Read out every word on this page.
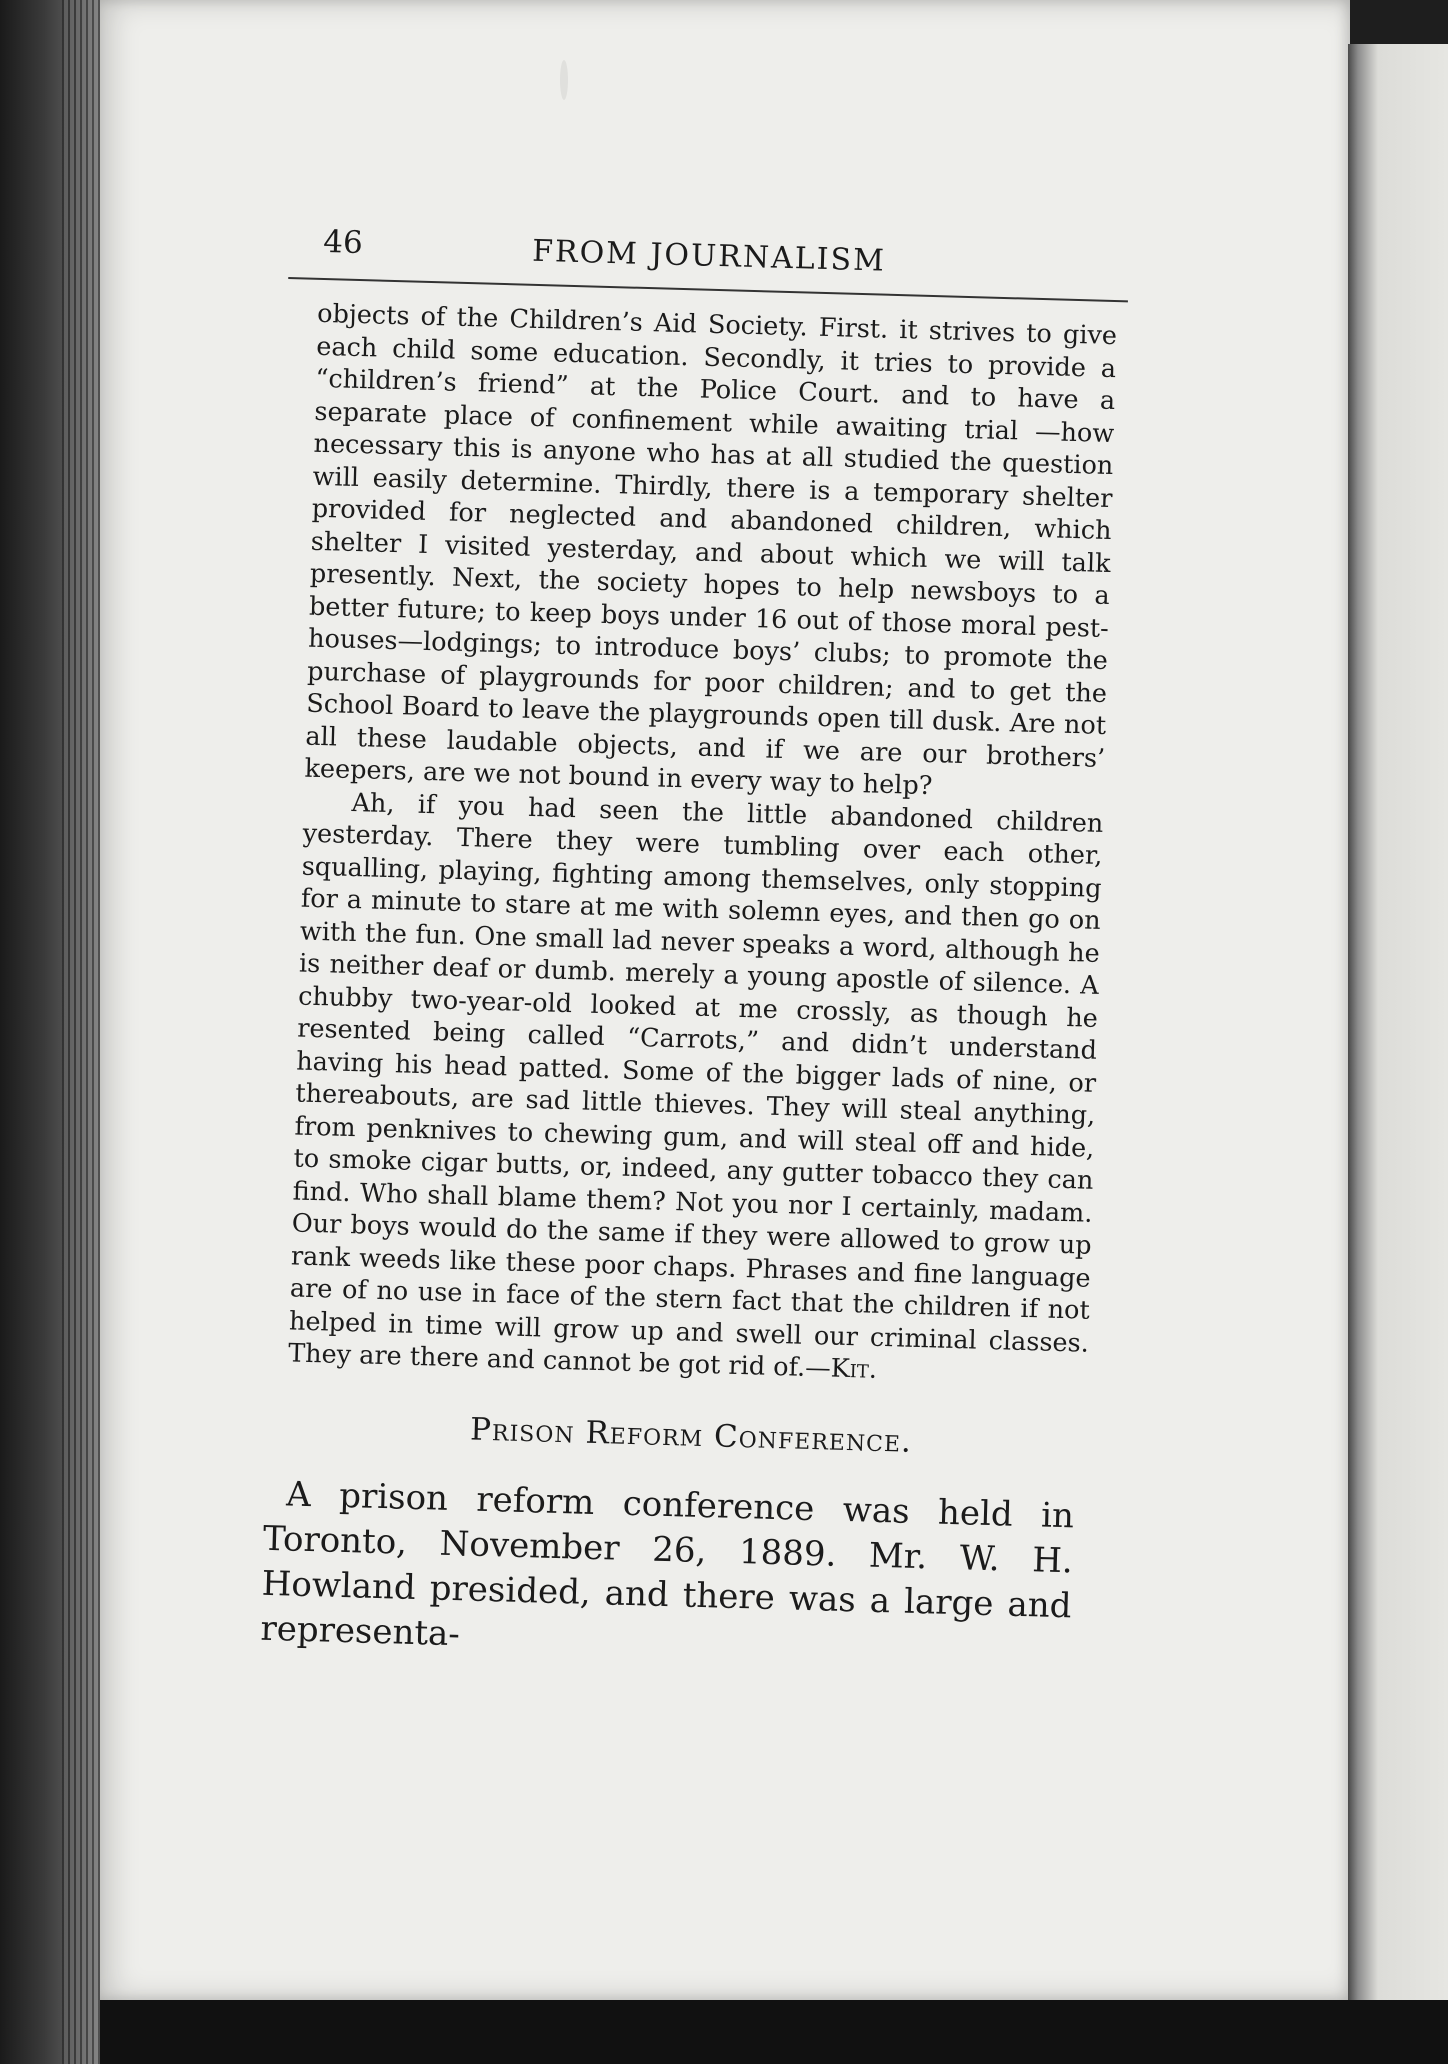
46	FROM JOURNALISM

objects of the Children’s Aid Society. First. it strives to give each child some education. Secondly, it tries to provide a “children’s friend” at the Police Court. and to have a separate place of confinement while awaiting trial —how necessary this is anyone who has at all studied the question will easily determine. Thirdly, there is a temporary shelter provided for neglected and abandoned children, which shelter I visited yesterday, and about which we will talk presently. Next, the society hopes to help newsboys to a better future; to keep boys under 16 out of those moral pest-houses—lodgings; to introduce boys’ clubs; to promote the purchase of playgrounds for poor children; and to get the School Board to leave the playgrounds open till dusk. Are not all these laudable objects, and if we are our brothers’ keepers, are we not bound in every way to help?

Ah, if you had seen the little abandoned children yesterday. There they were tumbling over each other, squalling, playing, fighting among themselves, only stopping for a minute to stare at me with solemn eyes, and then go on with the fun. One small lad never speaks a word, although he is neither deaf or dumb. merely a young apostle of silence. A chubby two-year-old looked at me crossly, as though he resented being called “Carrots,” and didn’t understand having his head patted. Some of the bigger lads of nine, or thereabouts, are sad little thieves. They will steal anything, from penknives to chewing gum, and will steal off and hide, to smoke cigar butts, or, indeed, any gutter tobacco they can find. Who shall blame them? Not you nor I certainly, madam. Our boys would do the same if they were allowed to grow up rank weeds like these poor chaps. Phrases and fine language are of no use in face of the stern fact that the children if not helped in time will grow up and swell our criminal classes. They are there and cannot be got rid of.—Kit.

Prison Reform Conference.
A prison reform conference was held in Toronto, November 26, 1889. Mr. W. H. Howland presided, and there was a large and representa-
